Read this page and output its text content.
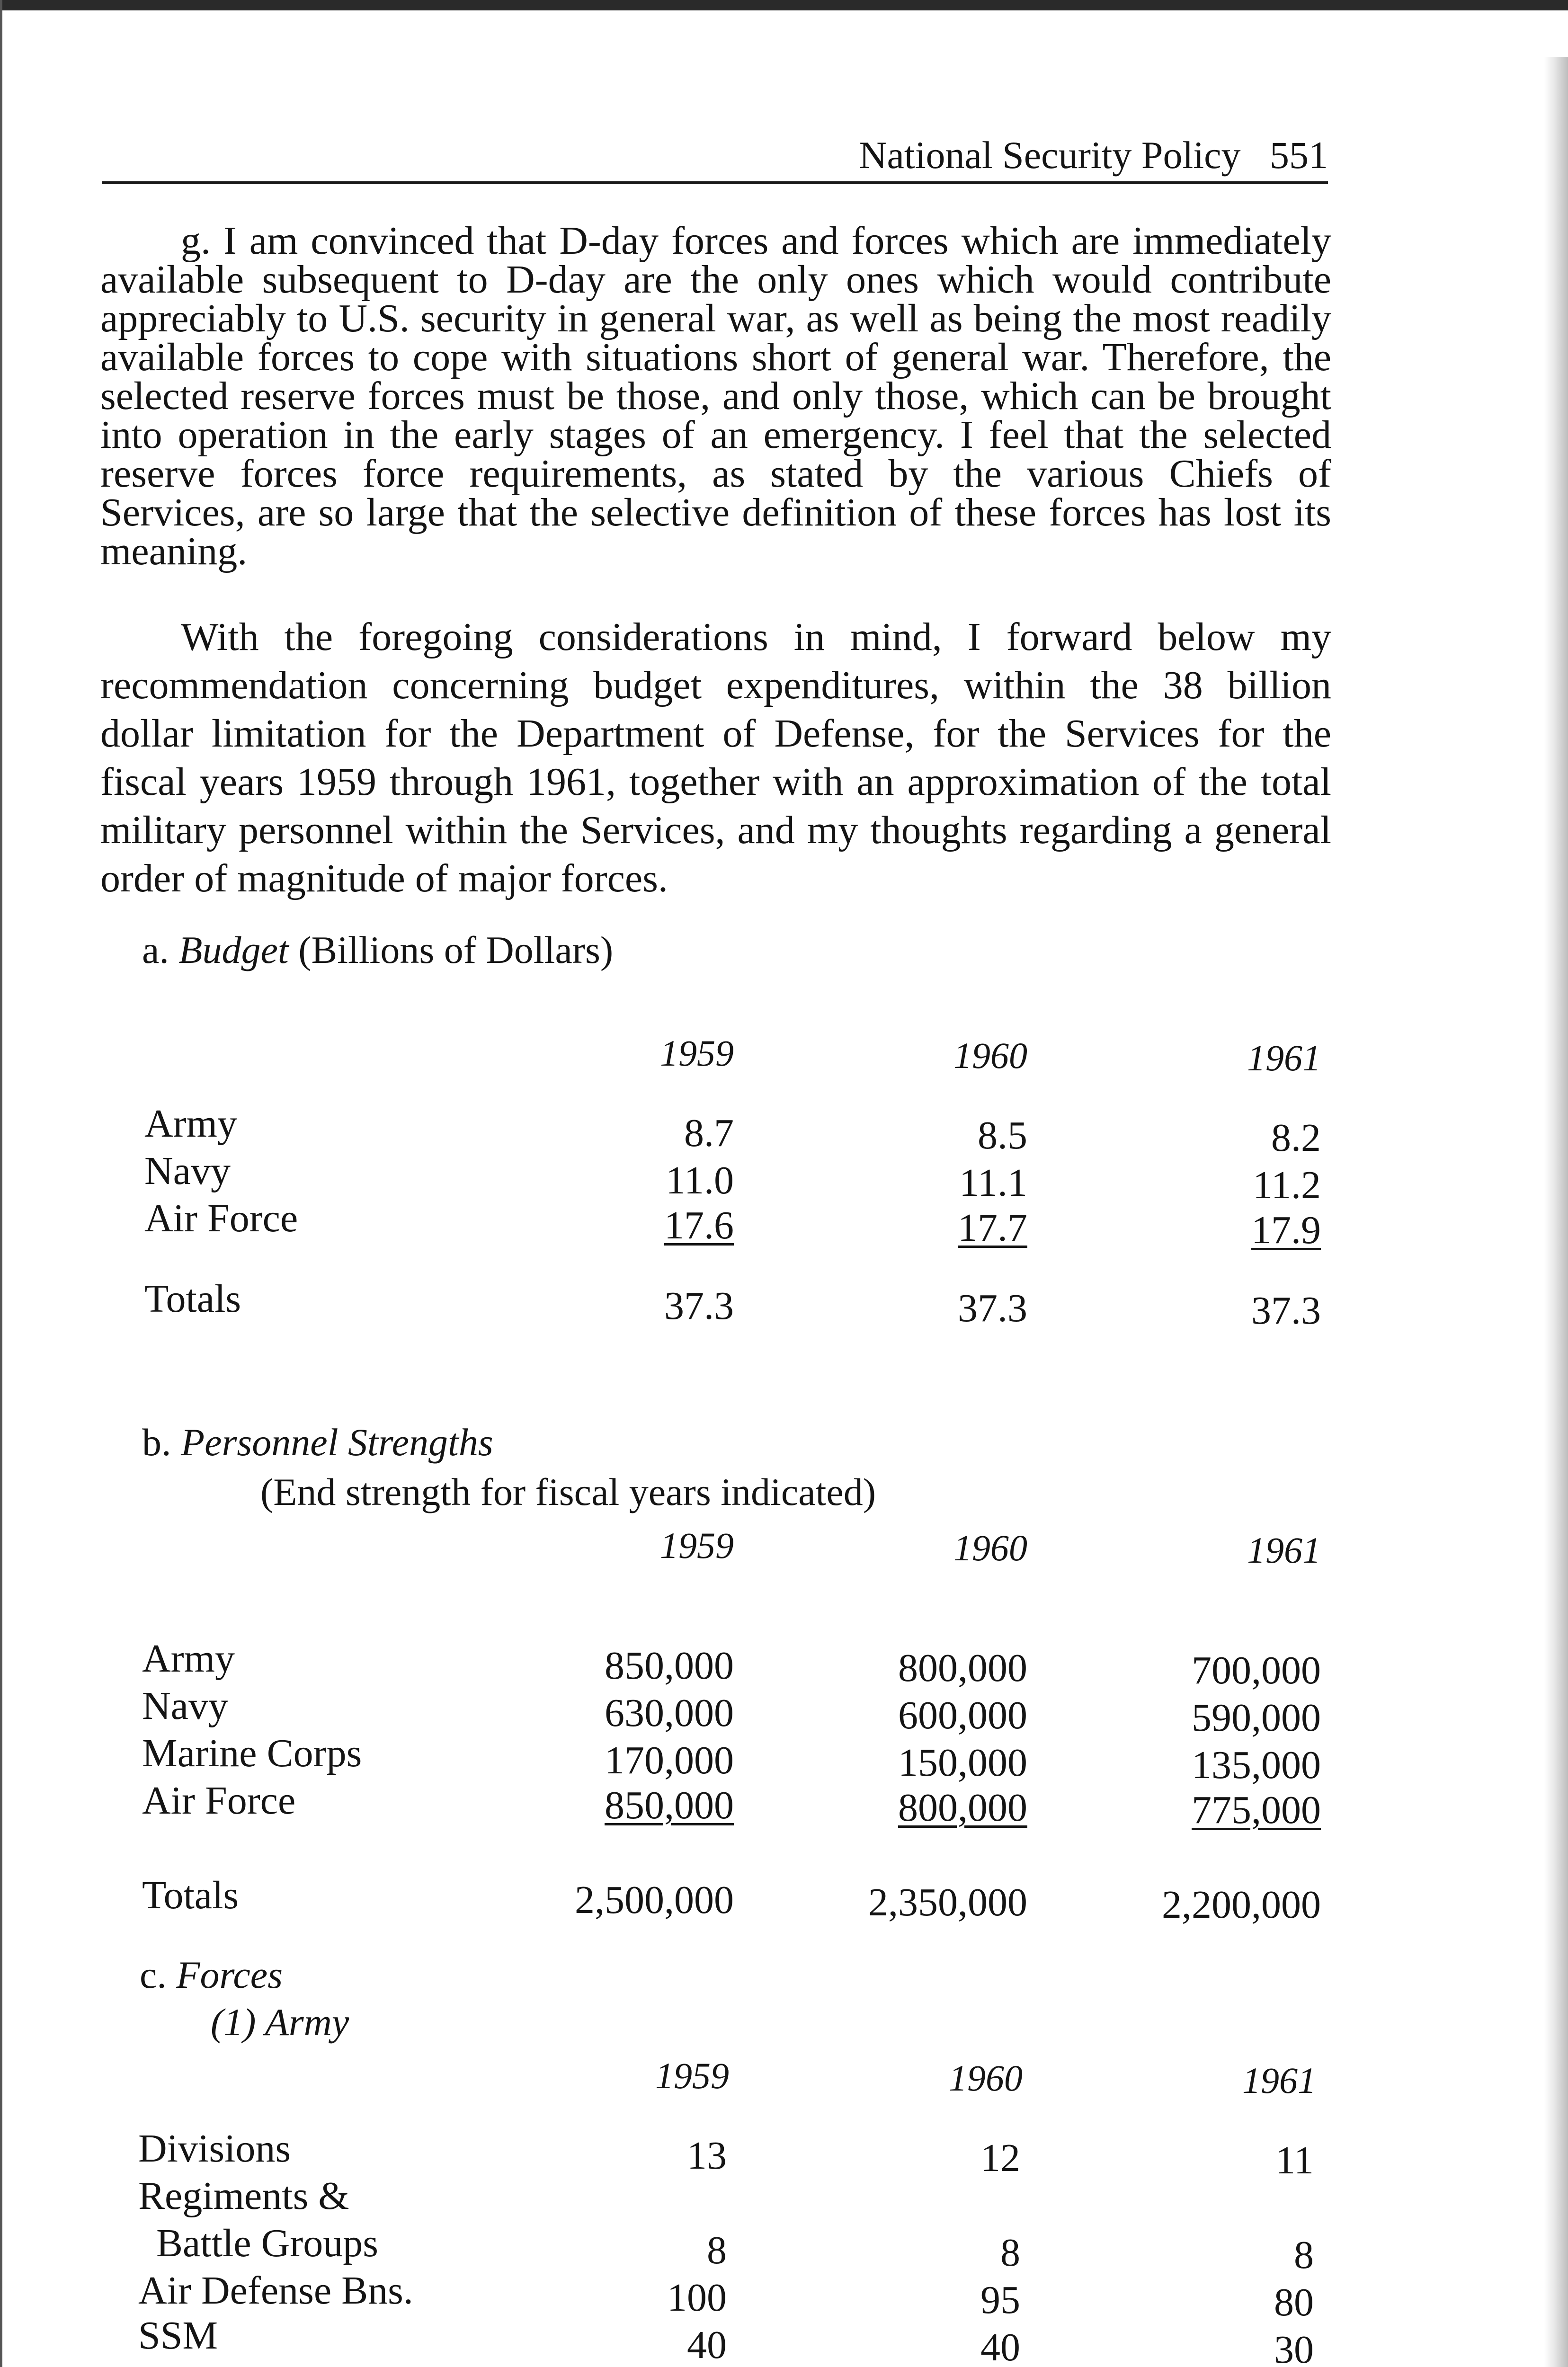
National Security Policy 551

g. I am convinced that D-day forces and forces which are immediately available subsequent to D-day are the only ones which would contribute appreciably to U.S. security in general war, as well as being the most readily available forces to cope with situations short of general war. Therefore, the selected reserve forces must be those, and only those, which can be brought into operation in the early stages of an emergency. I feel that the selected reserve forces force requirements, as stated by the various Chiefs of Services, are so large that the selective definition of these forces has lost its meaning.

With the foregoing considerations in mind, I forward below my recommendation concerning budget expenditures, within the 38 billion dollar limitation for the Department of Defense, for the Services for the fiscal years 1959 through 1961, together with an approximation of the total military personnel within the Services, and my thoughts regarding a general order of magnitude of major forces.

a. Budget (Billions of Dollars)
1959	1960	1961
Army	8.7	8.5	8.2
Navy	11.0	11.1	11.2
Air Force	17.6	17.7	17.9
Totals	37.3	37.3	37.3
b. Personnel Strengths
(End strength for fiscal years indicated)
1959	1960	1961
Army	850,000	800,000	700,000
Navy	630,000	600,000	590,000
Marine Corps	170,000	150,000	135,000
Air Force	850,000	800,000	775,000
Totals	2,500,000	2,350,000	2,200,000
c. Forces
(1) Army
1959	1960	1961
Divisions	13	12	11
Regiments &
Battle Groups	8	8	8
Air Defense Bns.	100	95	80
SSM	40	40	30
